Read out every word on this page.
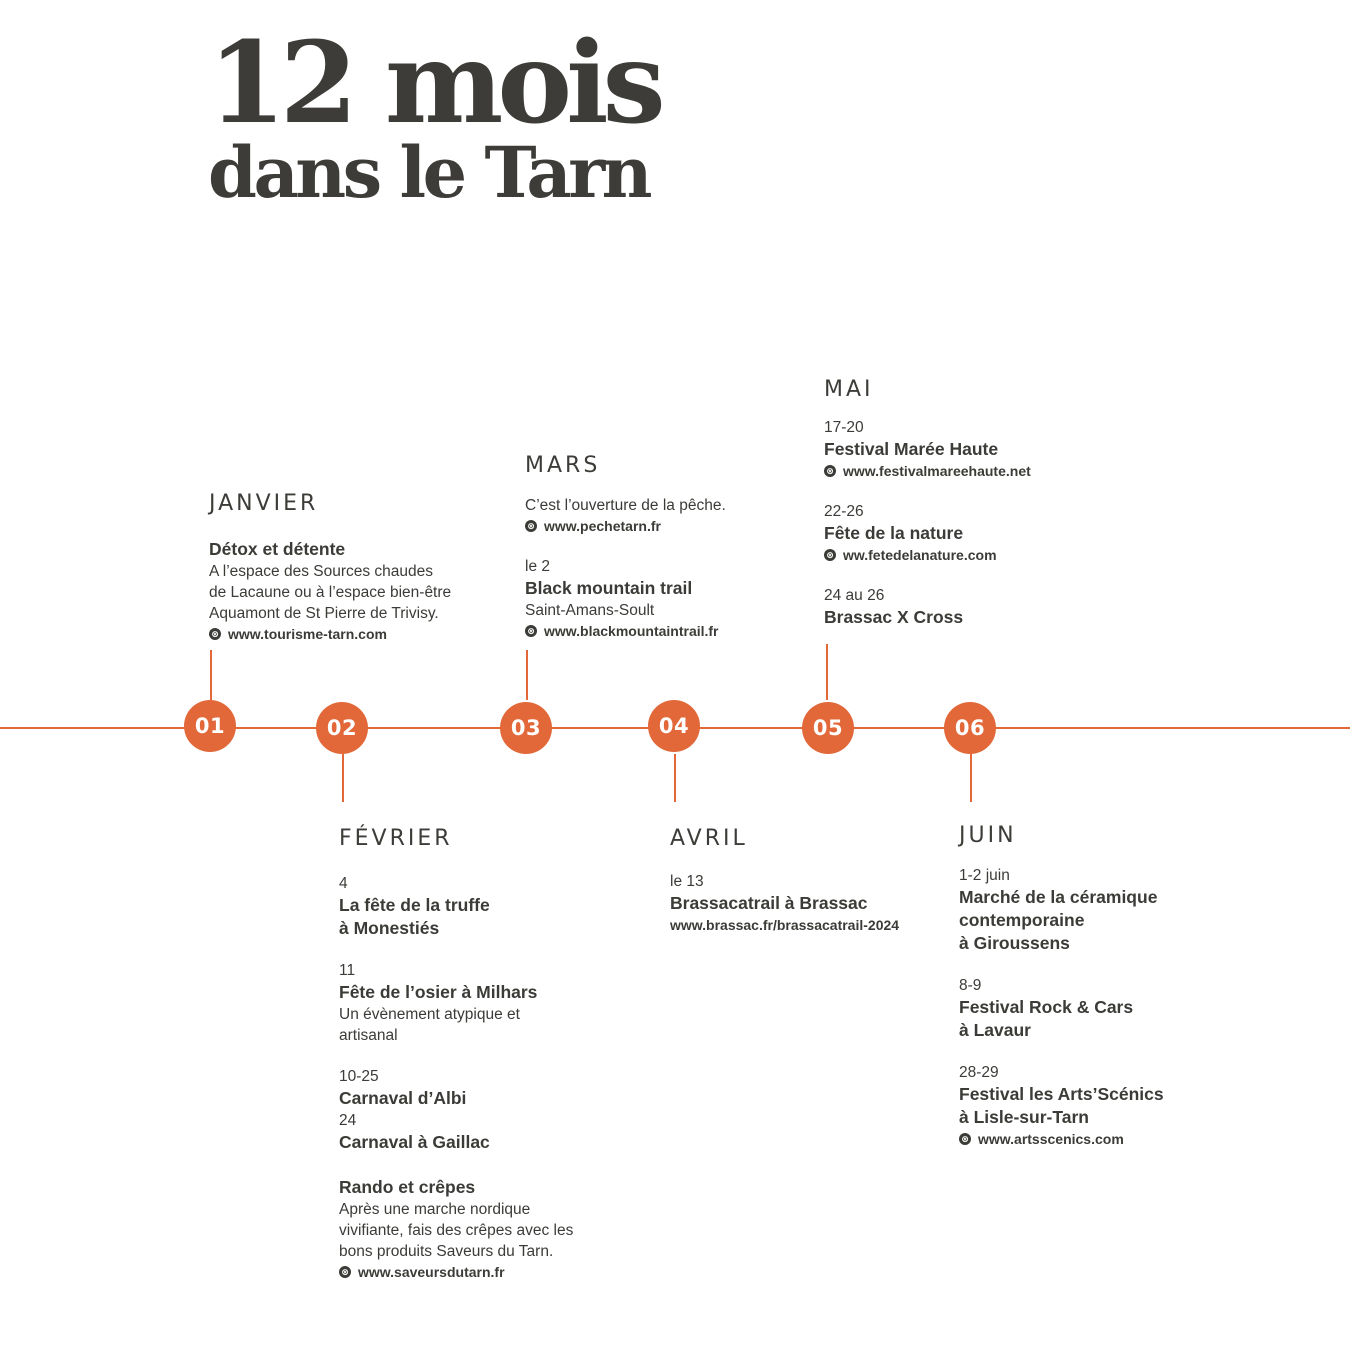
12 mois
dans le Tarn
01	02	03	04	05	06
JANVIER
Détox et détente
A l’espace des Sources chaudes
de Lacaune ou à l’espace bien-être
Aquamont de St Pierre de Trivisy.
⊗ www.tourisme-tarn.com
FÉVRIER
4
La fête de la truffe
à Monestiés
11
Fête de l’osier à Milhars
Un évènement atypique et
artisanal
10-25
Carnaval d’Albi
24
Carnaval à Gaillac
Rando et crêpes
Après une marche nordique
vivifiante, fais des crêpes avec les
bons produits Saveurs du Tarn.
⊗ www.saveursdutarn.fr
MARS
C’est l’ouverture de la pêche.
⊗ www.pechetarn.fr
le 2
Black mountain trail
Saint-Amans-Soult
⊗ www.blackmountaintrail.fr
AVRIL
le 13
Brassacatrail à Brassac
www.brassac.fr/brassacatrail-2024
MAI
17-20
Festival Marée Haute
⊗ www.festivalmareehaute.net
22-26
Fête de la nature
⊗ ww.fetedelanature.com
24 au 26
Brassac X Cross
JUIN
1-2 juin
Marché de la céramique
contemporaine
à Giroussens
8-9
Festival Rock & Cars
à Lavaur
28-29
Festival les Arts’Scénics
à Lisle-sur-Tarn
⊗ www.artsscenics.com
